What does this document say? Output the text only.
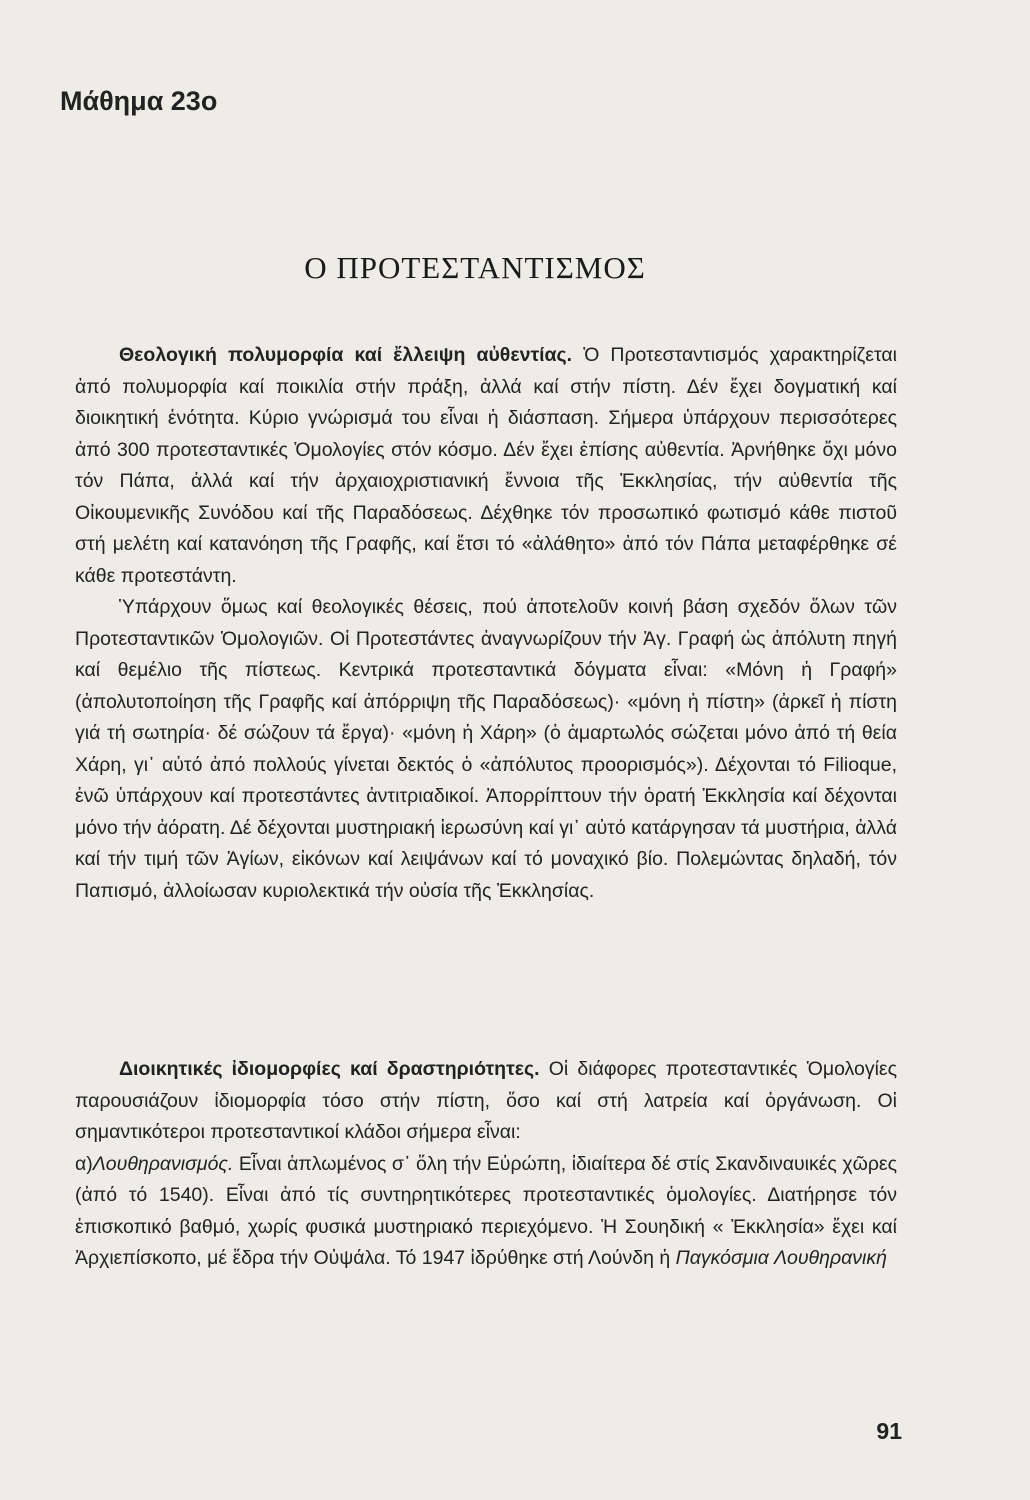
Μάθημα 23ο
Ο ΠΡΟΤΕΣΤΑΝΤΙΣΜΟΣ

Θεολογική πολυμορφία καί ἔλλειψη αὐθεντίας. Ὁ Προτεσταντισμός χαρακτηρίζεται ἀπό πολυμορφία καί ποικιλία στήν πράξη, ἀλλά καί στήν πίστη. Δέν ἔχει δογματική καί διοικητική ἑνότητα. Κύριο γνώρισμά του εἶναι ἡ διάσπαση. Σήμερα ὑπάρχουν περισσότερες ἀπό 300 προτεσταντικές Ὁμολογίες στόν κόσμο. Δέν ἔχει ἐπίσης αὐθεντία. Ἀρνήθηκε ὄχι μόνο τόν Πάπα, ἀλλά καί τήν ἀρχαιοχριστιανική ἔννοια τῆς Ἐκκλησίας, τήν αὐθεντία τῆς Οἰκουμενικῆς Συνόδου καί τῆς Παραδόσεως. Δέχθηκε τόν προσωπικό φωτισμό κάθε πιστοῦ στή μελέτη καί κατανόηση τῆς Γραφῆς, καί ἔτσι τό «ἀλάθητο» ἀπό τόν Πάπα μεταφέρθηκε σέ κάθε προτεστάντη.

Ὑπάρχουν ὅμως καί θεολογικές θέσεις, πού ἀποτελοῦν κοινή βάση σχεδόν ὅλων τῶν Προτεσταντικῶν Ὁμολογιῶν. Οἱ Προτεστάντες ἀναγνωρίζουν τήν Ἁγ. Γραφή ὡς ἀπόλυτη πηγή καί θεμέλιο τῆς πίστεως. Κεντρικά προτεσταντικά δόγματα εἶναι: «Μόνη ἡ Γραφή» (ἀπολυτοποίηση τῆς Γραφῆς καί ἀπόρριψη τῆς Παραδόσεως)· «μόνη ἡ πίστη» (ἀρκεῖ ἡ πίστη γιά τή σωτηρία· δέ σώζουν τά ἔργα)· «μόνη ἡ Χάρη» (ὁ ἁμαρτωλός σώζεται μόνο ἀπό τή θεία Χάρη, γι᾿ αὐτό ἀπό πολλούς γίνεται δεκτός ὁ «ἀπόλυτος προορισμός»). Δέχονται τό Filioque, ἐνῶ ὑπάρχουν καί προτεστάντες ἀντιτριαδικοί. Ἀπορρίπτουν τήν ὁρατή Ἐκκλησία καί δέχονται μόνο τήν ἀόρατη. Δέ δέχονται μυστηριακή ἱερωσύνη καί γι᾿ αὐτό κατάργησαν τά μυστήρια, ἀλλά καί τήν τιμή τῶν Ἁγίων, εἰκόνων καί λειψάνων καί τό μοναχικό βίο. Πολεμώντας δηλαδή, τόν Παπισμό, ἀλλοίωσαν κυριολεκτικά τήν οὐσία τῆς Ἐκκλησίας.

Διοικητικές ἰδιομορφίες καί δραστηριότητες. Οἱ διάφορες προτεσταντικές Ὁμολογίες παρουσιάζουν ἰδιομορφία τόσο στήν πίστη, ὅσο καί στή λατρεία καί ὀργάνωση. Οἱ σημαντικότεροι προτεσταντικοί κλάδοι σήμερα εἶναι:

α)Λουθηρανισμός. Εἶναι ἁπλωμένος σ᾿ ὅλη τήν Εὐρώπη, ἰδιαίτερα δέ στίς Σκανδιναυικές χῶρες (ἀπό τό 1540). Εἶναι ἀπό τίς συντηρητικότερες προτεσταντικές ὁμολογίες. Διατήρησε τόν ἐπισκοπικό βαθμό, χωρίς φυσικά μυστηριακό περιεχόμενο. Ἡ Σουηδική « Ἐκκλησία» ἔχει καί Ἀρχιεπίσκοπο, μέ ἕδρα τήν Οὐψάλα. Τό 1947 ἱδρύθηκε στή Λούνδη ἡ Παγκόσμια Λουθηρανική

91
